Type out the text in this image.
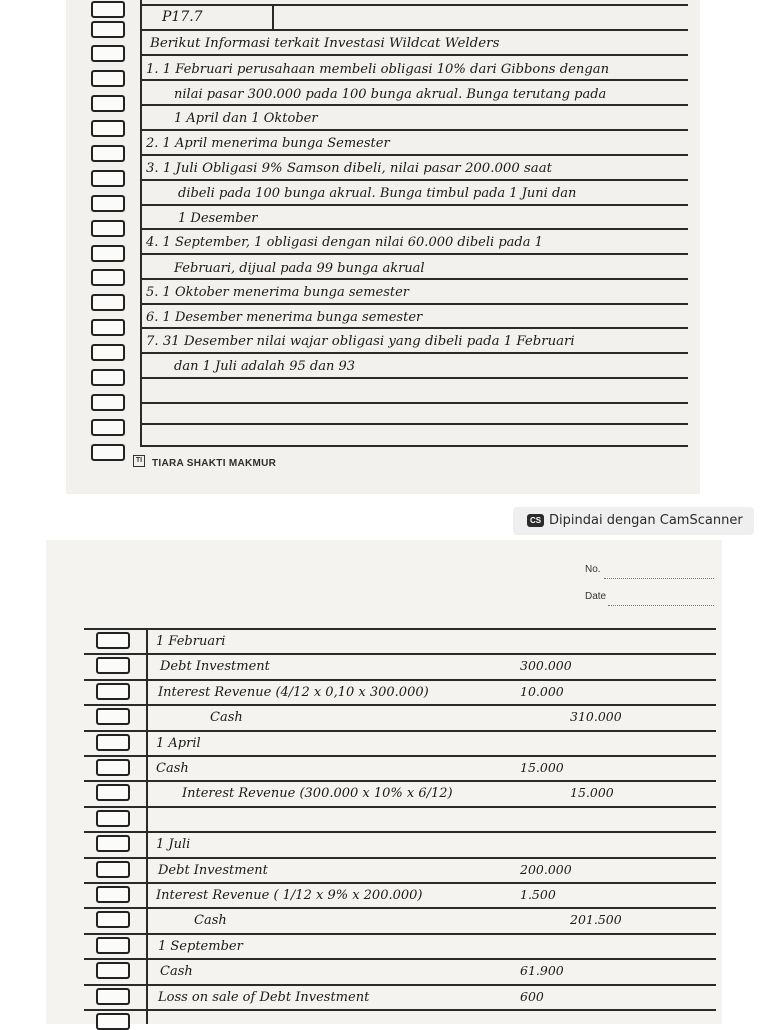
P17.7
Berikut Informasi terkait Investasi Wildcat Welders
1. 1 Februari perusahaan membeli obligasi 10% dari Gibbons dengan
nilai pasar 300.000 pada 100 bunga akrual. Bunga terutang pada
1 April dan 1 Oktober
2. 1 April menerima bunga Semester
3. 1 Juli Obligasi 9% Samson dibeli, nilai pasar 200.000 saat
dibeli pada 100 bunga akrual. Bunga timbul pada 1 Juni dan
1 Desember
4. 1 September, 1 obligasi dengan nilai 60.000 dibeli pada 1
Februari, dijual pada 99 bunga akrual
5. 1 Oktober menerima bunga semester
6. 1 Desember menerima bunga semester
7. 31 Desember nilai wajar obligasi yang dibeli pada 1 Februari
dan 1 Juli adalah 95 dan 93
TI TIARA SHAKTI MAKMUR
CS Dipindai dengan CamScanner
No.
Date
1 Februari
Debt Investment	300.000
Interest Revenue (4/12 x 0,10 x 300.000)	10.000
Cash	310.000
1 April
Cash	15.000
Interest Revenue (300.000 x 10% x 6/12)	15.000
1 Juli
Debt Investment	200.000
Interest Revenue ( 1/12 x 9% x 200.000)	1.500
Cash	201.500
1 September
Cash	61.900
Loss on sale of Debt Investment	600
